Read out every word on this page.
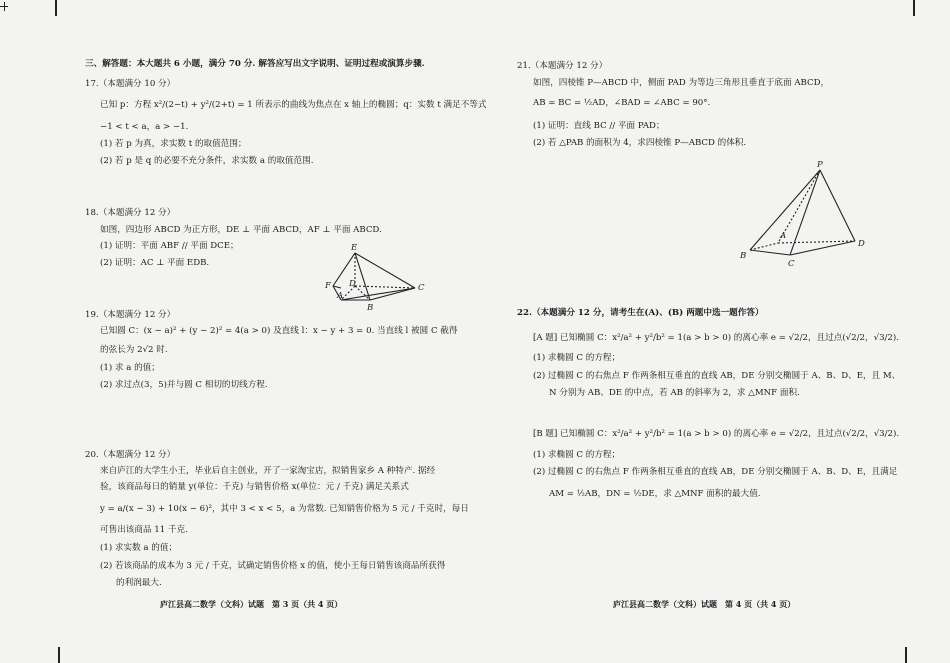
三、解答题：本大题共 6 小题，满分 70 分. 解答应写出文字说明、证明过程或演算步骤.
17.（本题满分 10 分）
已知 p：方程 x²/(2−t) + y²/(2+t) = 1 所表示的曲线为焦点在 x 轴上的椭圆；q：实数 t 满足不等式
−1 < t < a，a > −1.
(1) 若 p 为真，求实数 t 的取值范围；
(2) 若 p 是 q 的必要不充分条件，求实数 a 的取值范围.
18.（本题满分 12 分）
如图，四边形 ABCD 为正方形，DE ⊥ 平面 ABCD，AF ⊥ 平面 ABCD.
(1) 证明：平面 ABF // 平面 DCE；
(2) 证明：AC ⊥ 平面 EDB.
E
F D
A
B
C
19.（本题满分 12 分）
已知圆 C：(x − a)² + (y − 2)² = 4(a > 0) 及直线 l：x − y + 3 = 0. 当直线 l 被圆 C 截得
的弦长为 2√2 时.
(1) 求 a 的值；
(2) 求过点(3，5)并与圆 C 相切的切线方程.
20.（本题满分 12 分）
来自庐江的大学生小王，毕业后自主创业，开了一家淘宝店，拟销售家乡 A 种特产. 据经
验，该商品每日的销量 y(单位：千克) 与销售价格 x(单位：元 / 千克) 满足关系式
y = a/(x − 3) + 10(x − 6)²，其中 3 < x < 5，a 为常数. 已知销售价格为 5 元 / 千克时，每日
可售出该商品 11 千克.
(1) 求实数 a 的值；
(2) 若该商品的成本为 3 元 / 千克，试确定销售价格 x 的值，使小王每日销售该商品所获得
的利润最大.
庐江县高二数学（文科）试题　第 3 页（共 4 页）
21.（本题满分 12 分）
如图，四棱锥 P—ABCD 中，侧面 PAD 为等边三角形且垂直于底面 ABCD，
AB = BC = ½AD，∠BAD = ∠ABC = 90°.
(1) 证明：直线 BC // 平面 PAD；
(2) 若 △PAB 的面积为 4，求四棱锥 P—ABCD 的体积.
P
A
B
C
D
22.（本题满分 12 分，请考生在(A)、(B) 两题中选一题作答）
[A 题] 已知椭圆 C：x²/a² + y²/b² = 1(a > b > 0) 的离心率 e = √2/2，且过点(√2/2，√3/2).
(1) 求椭圆 C 的方程；
(2) 过椭圆 C 的右焦点 F 作两条相互垂直的直线 AB，DE 分别交椭圆于 A、B、D、E，且 M、
N 分别为 AB、DE 的中点，若 AB 的斜率为 2，求 △MNF 面积.
[B 题] 已知椭圆 C：x²/a² + y²/b² = 1(a > b > 0) 的离心率 e = √2/2，且过点(√2/2，√3/2).
(1) 求椭圆 C 的方程；
(2) 过椭圆 C 的右焦点 F 作两条相互垂直的直线 AB，DE 分别交椭圆于 A、B、D、E，且满足
AM = ½AB，DN = ½DE，求 △MNF 面积的最大值.
庐江县高二数学（文科）试题　第 4 页（共 4 页）
